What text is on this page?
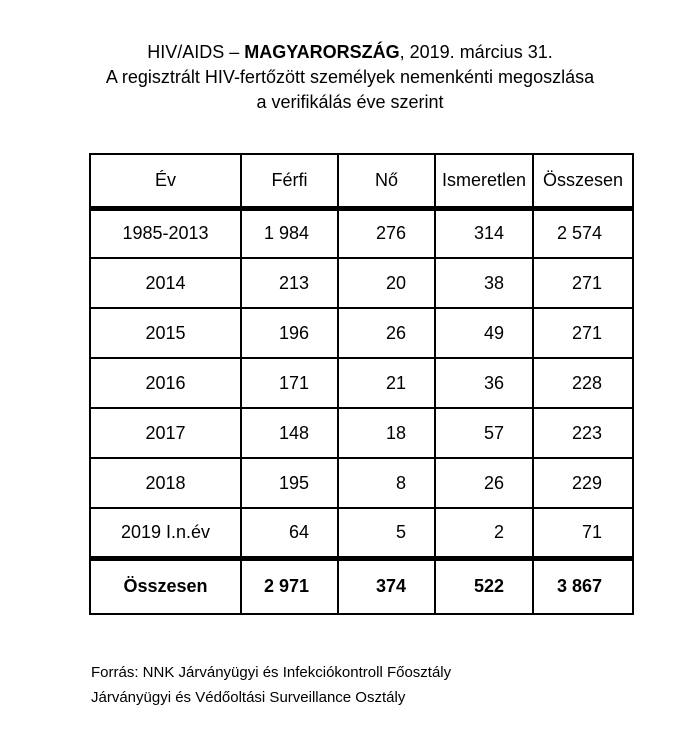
HIV/AIDS – MAGYARORSZÁG, 2019. március 31.
A regisztrált HIV-fertőzött személyek nemenkénti megoszlása
a verifikálás éve szerint
Év	Férfi	Nő	Ismeretlen	Összesen
1985-2013	1 984	276	314	2 574
2014	213	20	38	271
2015	196	26	49	271
2016	171	21	36	228
2017	148	18	57	223
2018	195	8	26	229
2019 I.n.év	64	5	2	71
Összesen	2 971	374	522	3 867
Forrás: NNK Járványügyi és Infekciókontroll Főosztály
Járványügyi és Védőoltási Surveillance Osztály
